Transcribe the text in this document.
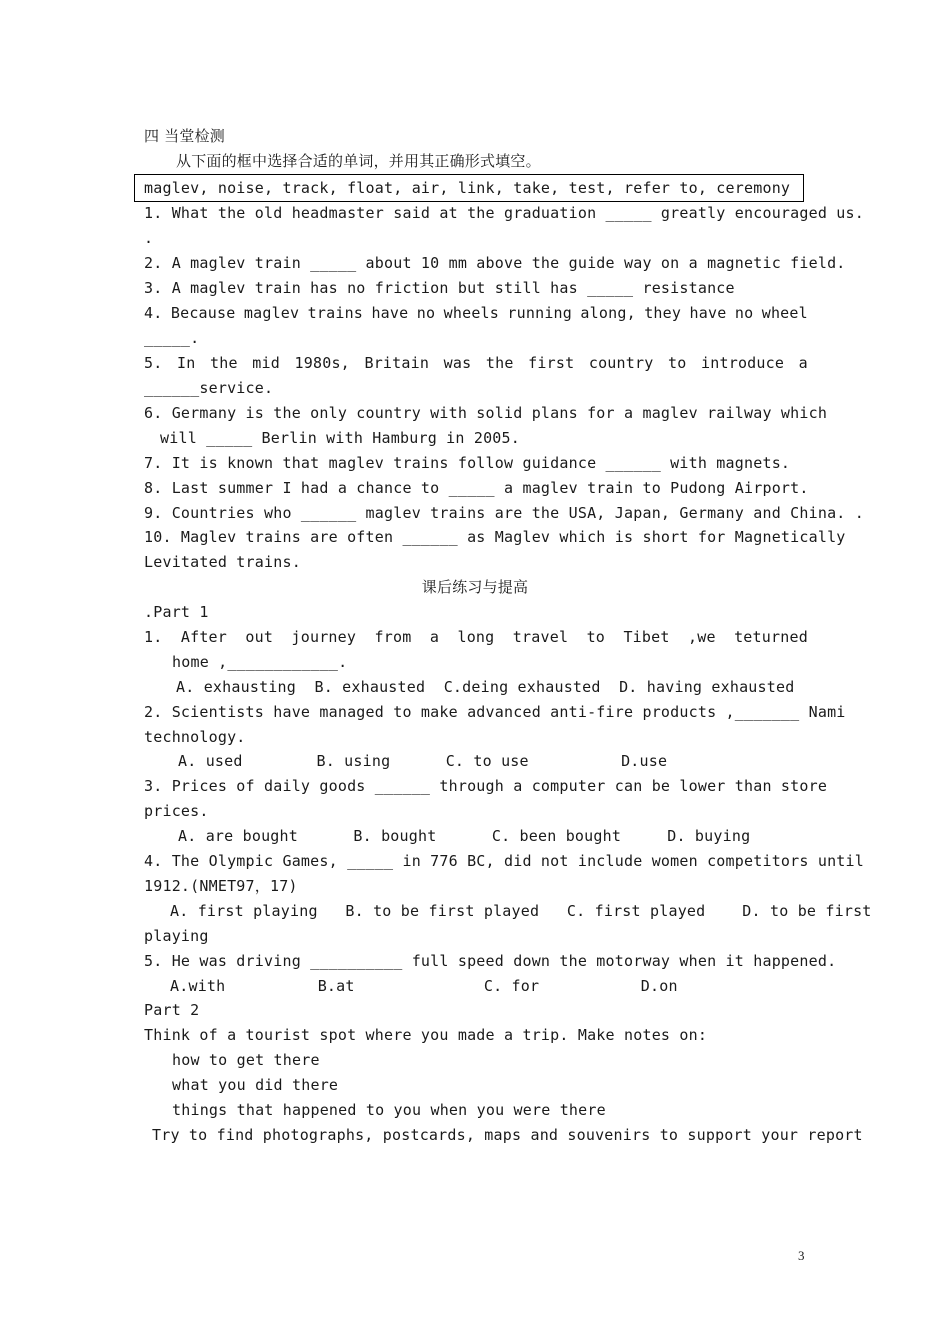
四 当堂检测
从下面的框中选择合适的单词，并用其正确形式填空。
maglev, noise, track, float, air, link, take, test, refer to, ceremony
1. What the old headmaster said at the graduation _____ greatly encouraged us.
.
2. A maglev train _____ about 10 mm above the guide way on a magnetic field.
3. A maglev train has no friction but still has _____ resistance
4. Because maglev trains have no wheels running along, they have no wheel
_____.
5. In the mid 1980s, Britain was the first country to introduce a
______service.
6. Germany is the only country with solid plans for a maglev railway which
will _____ Berlin with Hamburg in 2005.
7. It is known that maglev trains follow guidance ______ with magnets.
8. Last summer I had a chance to _____ a maglev train to Pudong Airport.
9. Countries who ______ maglev trains are the USA, Japan, Germany and China. .
10. Maglev trains are often ______ as Maglev which is short for Magnetically
Levitated trains.
课后练习与提高
.Part 1
1. After out journey from a long travel to Tibet ,we teturned
home ,____________.
A. exhausting  B. exhausted  C.deing exhausted  D. having exhausted
2. Scientists have managed to make advanced anti-fire products ,_______ Nami
technology.
A. used        B. using      C. to use          D.use
3. Prices of daily goods ______ through a computer can be lower than store
prices.
A. are bought      B. bought      C. been bought     D. buying
4. The Olympic Games, _____ in 776 BC, did not include women competitors until
1912.(NMET97，17)
A. first playing   B. to be first played   C. first played    D. to be first
playing
5. He was driving __________ full speed down the motorway when it happened.
A.with          B.at              C. for           D.on
Part 2
Think of a tourist spot where you made a trip. Make notes on:
how to get there
what you did there
things that happened to you when you were there
Try to find photographs, postcards, maps and souvenirs to support your report
3
